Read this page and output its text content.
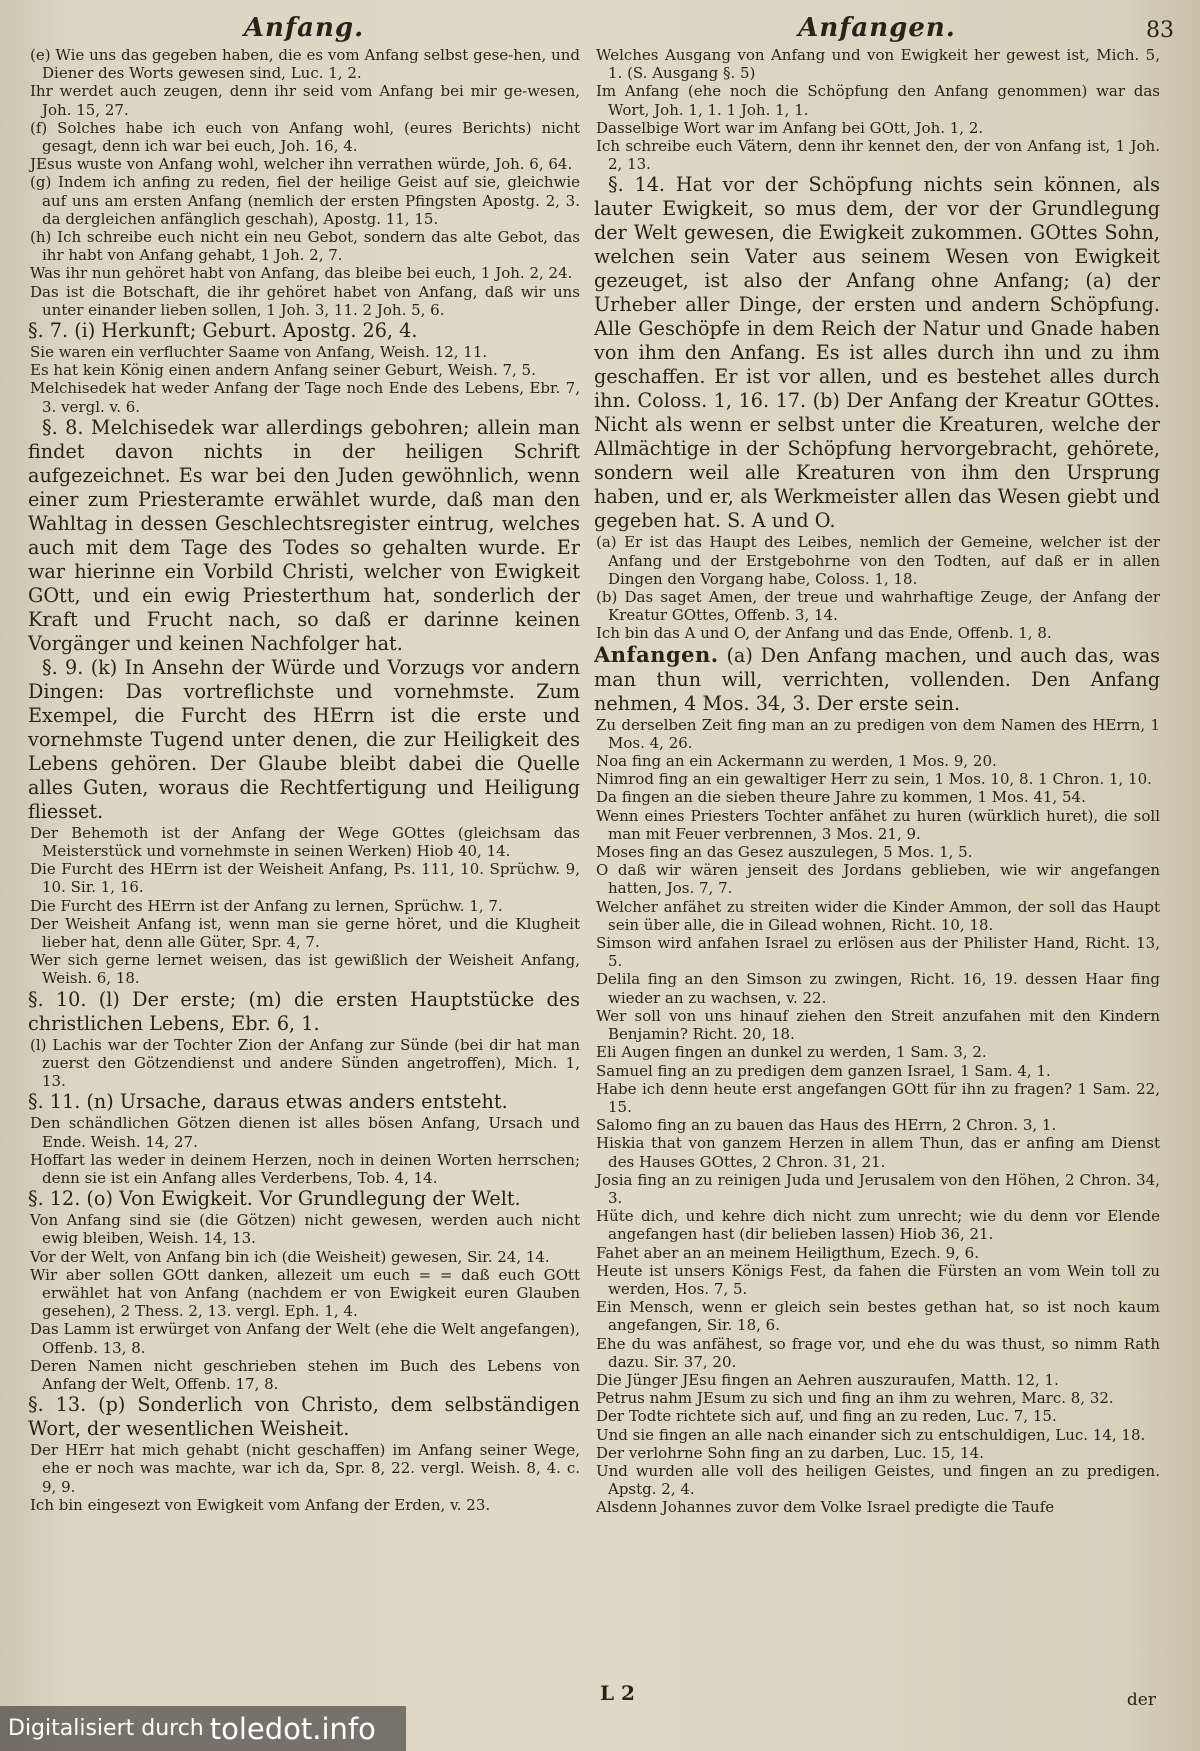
Anfang.

(e) Wie uns das gegeben haben, die es vom Anfang selbst gese-hen, und Diener des Worts gewesen sind, Luc. 1, 2.

Ihr werdet auch zeugen, denn ihr seid vom Anfang bei mir ge-wesen, Joh. 15, 27.

(f) Solches habe ich euch von Anfang wohl, (eures Berichts) nicht gesagt, denn ich war bei euch, Joh. 16, 4.

JEsus wuste von Anfang wohl, welcher ihn verrathen würde, Joh. 6, 64.

(g) Indem ich anfing zu reden, fiel der heilige Geist auf sie, gleichwie auf uns am ersten Anfang (nemlich der ersten Pfingsten Apostg. 2, 3. da dergleichen anfänglich geschah), Apostg. 11, 15.

(h) Ich schreibe euch nicht ein neu Gebot, sondern das alte Gebot, das ihr habt von Anfang gehabt, 1 Joh. 2, 7.

Was ihr nun gehöret habt von Anfang, das bleibe bei euch, 1 Joh. 2, 24.

Das ist die Botschaft, die ihr gehöret habet von Anfang, daß wir uns unter einander lieben sollen, 1 Joh. 3, 11. 2 Joh. 5, 6.

§. 7. (i) Herkunft; Geburt. Apostg. 26, 4.

Sie waren ein verfluchter Saame von Anfang, Weish. 12, 11.

Es hat kein König einen andern Anfang seiner Geburt, Weish. 7, 5.

Melchisedek hat weder Anfang der Tage noch Ende des Lebens, Ebr. 7, 3. vergl. v. 6.

§. 8. Melchisedek war allerdings gebohren; allein man findet davon nichts in der heiligen Schrift aufgezeichnet. Es war bei den Juden gewöhnlich, wenn einer zum Priesteramte erwählet wurde, daß man den Wahltag in dessen Geschlechtsregister eintrug, welches auch mit dem Tage des Todes so gehalten wurde. Er war hierinne ein Vorbild Christi, welcher von Ewigkeit GOtt, und ein ewig Priesterthum hat, sonderlich der Kraft und Frucht nach, so daß er darinne keinen Vorgänger und keinen Nachfolger hat.

§. 9. (k) In Ansehn der Würde und Vorzugs vor andern Dingen: Das vortreflichste und vornehmste. Zum Exempel, die Furcht des HErrn ist die erste und vornehmste Tugend unter denen, die zur Heiligkeit des Lebens gehören. Der Glaube bleibt dabei die Quelle alles Guten, woraus die Rechtfertigung und Heiligung fliesset.

Der Behemoth ist der Anfang der Wege GOttes (gleichsam das Meisterstück und vornehmste in seinen Werken) Hiob 40, 14.

Die Furcht des HErrn ist der Weisheit Anfang, Ps. 111, 10. Sprüchw. 9, 10. Sir. 1, 16.

Die Furcht des HErrn ist der Anfang zu lernen, Sprüchw. 1, 7.

Der Weisheit Anfang ist, wenn man sie gerne höret, und die Klugheit lieber hat, denn alle Güter, Spr. 4, 7.

Wer sich gerne lernet weisen, das ist gewißlich der Weisheit Anfang, Weish. 6, 18.

§. 10. (l) Der erste; (m) die ersten Hauptstücke des christlichen Lebens, Ebr. 6, 1.

(l) Lachis war der Tochter Zion der Anfang zur Sünde (bei dir hat man zuerst den Götzendienst und andere Sünden angetroffen), Mich. 1, 13.

§. 11. (n) Ursache, daraus etwas anders entsteht.

Den schändlichen Götzen dienen ist alles bösen Anfang, Ursach und Ende. Weish. 14, 27.

Hoffart las weder in deinem Herzen, noch in deinen Worten herrschen; denn sie ist ein Anfang alles Verderbens, Tob. 4, 14.

§. 12. (o) Von Ewigkeit. Vor Grundlegung der Welt.

Von Anfang sind sie (die Götzen) nicht gewesen, werden auch nicht ewig bleiben, Weish. 14, 13.

Vor der Welt, von Anfang bin ich (die Weisheit) gewesen, Sir. 24, 14.

Wir aber sollen GOtt danken, allezeit um euch = = daß euch GOtt erwählet hat von Anfang (nachdem er von Ewigkeit euren Glauben gesehen), 2 Thess. 2, 13. vergl. Eph. 1, 4.

Das Lamm ist erwürget von Anfang der Welt (ehe die Welt angefangen), Offenb. 13, 8.

Deren Namen nicht geschrieben stehen im Buch des Lebens von Anfang der Welt, Offenb. 17, 8.

§. 13. (p) Sonderlich von Christo, dem selbständigen Wort, der wesentlichen Weisheit.

Der HErr hat mich gehabt (nicht geschaffen) im Anfang seiner Wege, ehe er noch was machte, war ich da, Spr. 8, 22. vergl. Weish. 8, 4. c. 9, 9.

Ich bin eingesezt von Ewigkeit vom Anfang der Erden, v. 23.

83
Anfangen.

Welches Ausgang von Anfang und von Ewigkeit her gewest ist, Mich. 5, 1. (S. Ausgang §. 5)

Im Anfang (ehe noch die Schöpfung den Anfang genommen) war das Wort, Joh. 1, 1. 1 Joh. 1, 1.

Dasselbige Wort war im Anfang bei GOtt, Joh. 1, 2.

Ich schreibe euch Vätern, denn ihr kennet den, der von Anfang ist, 1 Joh. 2, 13.

§. 14. Hat vor der Schöpfung nichts sein können, als lauter Ewigkeit, so mus dem, der vor der Grundlegung der Welt gewesen, die Ewigkeit zukommen. GOttes Sohn, welchen sein Vater aus seinem Wesen von Ewigkeit gezeuget, ist also der Anfang ohne Anfang; (a) der Urheber aller Dinge, der ersten und andern Schöpfung. Alle Geschöpfe in dem Reich der Natur und Gnade haben von ihm den Anfang. Es ist alles durch ihn und zu ihm geschaffen. Er ist vor allen, und es bestehet alles durch ihn. Coloss. 1, 16. 17. (b) Der Anfang der Kreatur GOttes. Nicht als wenn er selbst unter die Kreaturen, welche der Allmächtige in der Schöpfung hervorgebracht, gehörete, sondern weil alle Kreaturen von ihm den Ursprung haben, und er, als Werkmeister allen das Wesen giebt und gegeben hat. S. A und O.

(a) Er ist das Haupt des Leibes, nemlich der Gemeine, welcher ist der Anfang und der Erstgebohrne von den Todten, auf daß er in allen Dingen den Vorgang habe, Coloss. 1, 18.

(b) Das saget Amen, der treue und wahrhaftige Zeuge, der Anfang der Kreatur GOttes, Offenb. 3, 14.

Ich bin das A und O, der Anfang und das Ende, Offenb. 1, 8.

Anfangen. (a) Den Anfang machen, und auch das, was man thun will, verrichten, vollenden. Den Anfang nehmen, 4 Mos. 34, 3. Der erste sein.

Zu derselben Zeit fing man an zu predigen von dem Namen des HErrn, 1 Mos. 4, 26.

Noa fing an ein Ackermann zu werden, 1 Mos. 9, 20.

Nimrod fing an ein gewaltiger Herr zu sein, 1 Mos. 10, 8. 1 Chron. 1, 10.

Da fingen an die sieben theure Jahre zu kommen, 1 Mos. 41, 54.

Wenn eines Priesters Tochter anfähet zu huren (würklich huret), die soll man mit Feuer verbrennen, 3 Mos. 21, 9.

Moses fing an das Gesez auszulegen, 5 Mos. 1, 5.

O daß wir wären jenseit des Jordans geblieben, wie wir angefangen hatten, Jos. 7, 7.

Welcher anfähet zu streiten wider die Kinder Ammon, der soll das Haupt sein über alle, die in Gilead wohnen, Richt. 10, 18.

Simson wird anfahen Israel zu erlösen aus der Philister Hand, Richt. 13, 5.

Delila fing an den Simson zu zwingen, Richt. 16, 19. dessen Haar fing wieder an zu wachsen, v. 22.

Wer soll von uns hinauf ziehen den Streit anzufahen mit den Kindern Benjamin? Richt. 20, 18.

Eli Augen fingen an dunkel zu werden, 1 Sam. 3, 2.

Samuel fing an zu predigen dem ganzen Israel, 1 Sam. 4, 1.

Habe ich denn heute erst angefangen GOtt für ihn zu fragen? 1 Sam. 22, 15.

Salomo fing an zu bauen das Haus des HErrn, 2 Chron. 3, 1.

Hiskia that von ganzem Herzen in allem Thun, das er anfing am Dienst des Hauses GOttes, 2 Chron. 31, 21.

Josia fing an zu reinigen Juda und Jerusalem von den Höhen, 2 Chron. 34, 3.

Hüte dich, und kehre dich nicht zum unrecht; wie du denn vor Elende angefangen hast (dir belieben lassen) Hiob 36, 21.

Fahet aber an an meinem Heiligthum, Ezech. 9, 6.

Heute ist unsers Königs Fest, da fahen die Fürsten an vom Wein toll zu werden, Hos. 7, 5.

Ein Mensch, wenn er gleich sein bestes gethan hat, so ist noch kaum angefangen, Sir. 18, 6.

Ehe du was anfähest, so frage vor, und ehe du was thust, so nimm Rath dazu. Sir. 37, 20.

Die Jünger JEsu fingen an Aehren auszuraufen, Matth. 12, 1.

Petrus nahm JEsum zu sich und fing an ihm zu wehren, Marc. 8, 32.

Der Todte richtete sich auf, und fing an zu reden, Luc. 7, 15.

Und sie fingen an alle nach einander sich zu entschuldigen, Luc. 14, 18.

Der verlohrne Sohn fing an zu darben, Luc. 15, 14.

Und wurden alle voll des heiligen Geistes, und fingen an zu predigen. Apstg. 2, 4.

Alsdenn Johannes zuvor dem Volke Israel predigte die Taufe

L 2	der
Digitalisiert durch toledot.info
